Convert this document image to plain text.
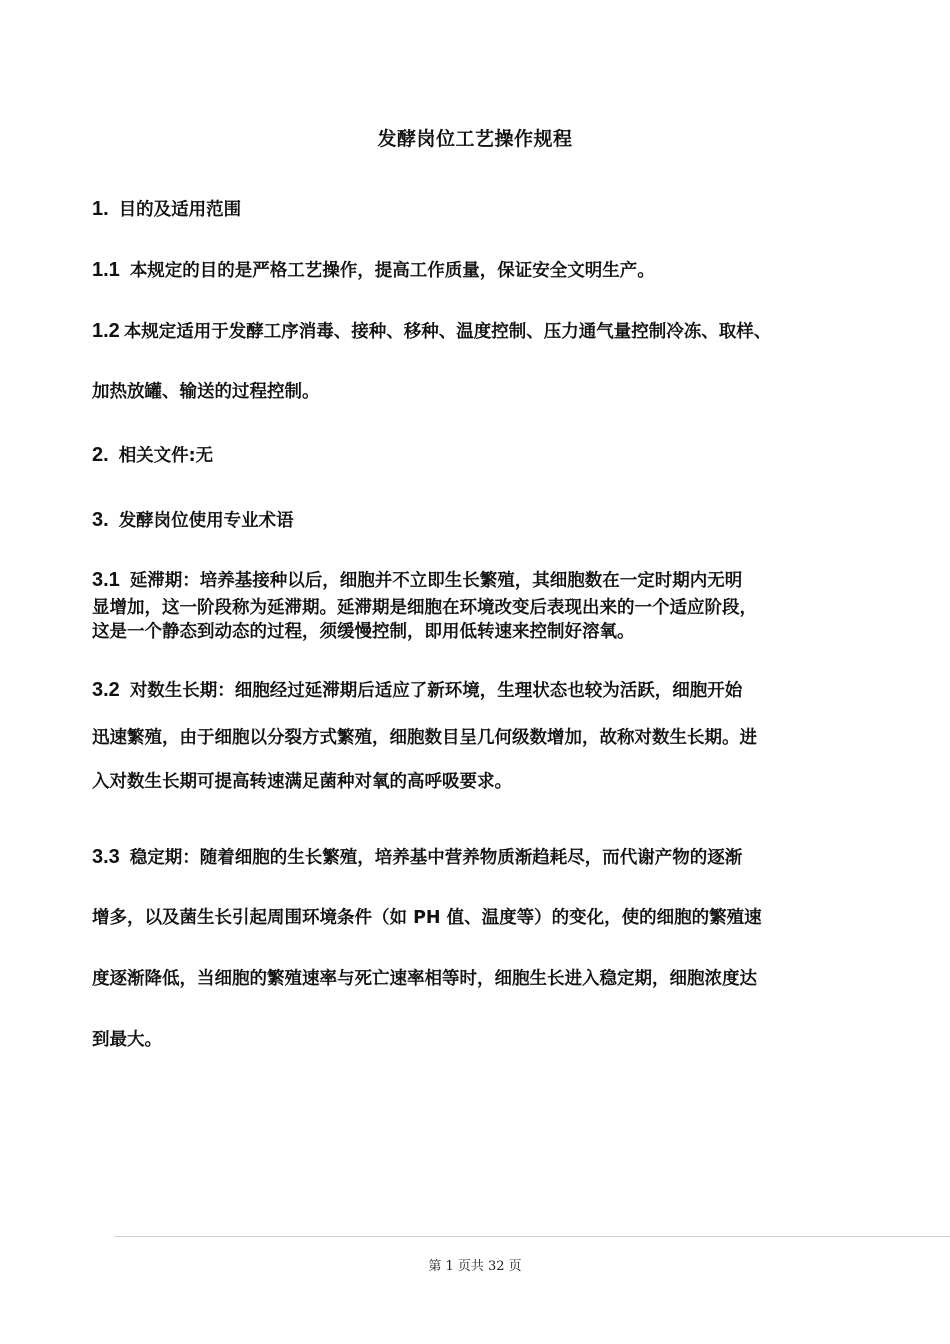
发酵岗位工艺操作规程
1. 目的及适用范围
1.1 本规定的目的是严格工艺操作，提高工作质量，保证安全文明生产。
1.2 本规定适用于发酵工序消毒、接种、移种、温度控制、压力通气量控制冷冻、取样、
加热放罐、输送的过程控制。
2. 相关文件:无
3. 发酵岗位使用专业术语
3.1 延滞期：培养基接种以后，细胞并不立即生长繁殖，其细胞数在一定时期内无明
显增加，这一阶段称为延滞期。延滞期是细胞在环境改变后表现出来的一个适应阶段，
这是一个静态到动态的过程，须缓慢控制，即用低转速来控制好溶氧。
3.2 对数生长期：细胞经过延滞期后适应了新环境，生理状态也较为活跃，细胞开始
迅速繁殖，由于细胞以分裂方式繁殖，细胞数目呈几何级数增加，故称对数生长期。进
入对数生长期可提高转速满足菌种对氧的高呼吸要求。
3.3 稳定期：随着细胞的生长繁殖，培养基中营养物质渐趋耗尽，而代谢产物的逐渐
增多，以及菌生长引起周围环境条件（如 PH 值、温度等）的变化，使的细胞的繁殖速
度逐渐降低，当细胞的繁殖速率与死亡速率相等时，细胞生长进入稳定期，细胞浓度达
到最大。
第 1 页共 32 页
